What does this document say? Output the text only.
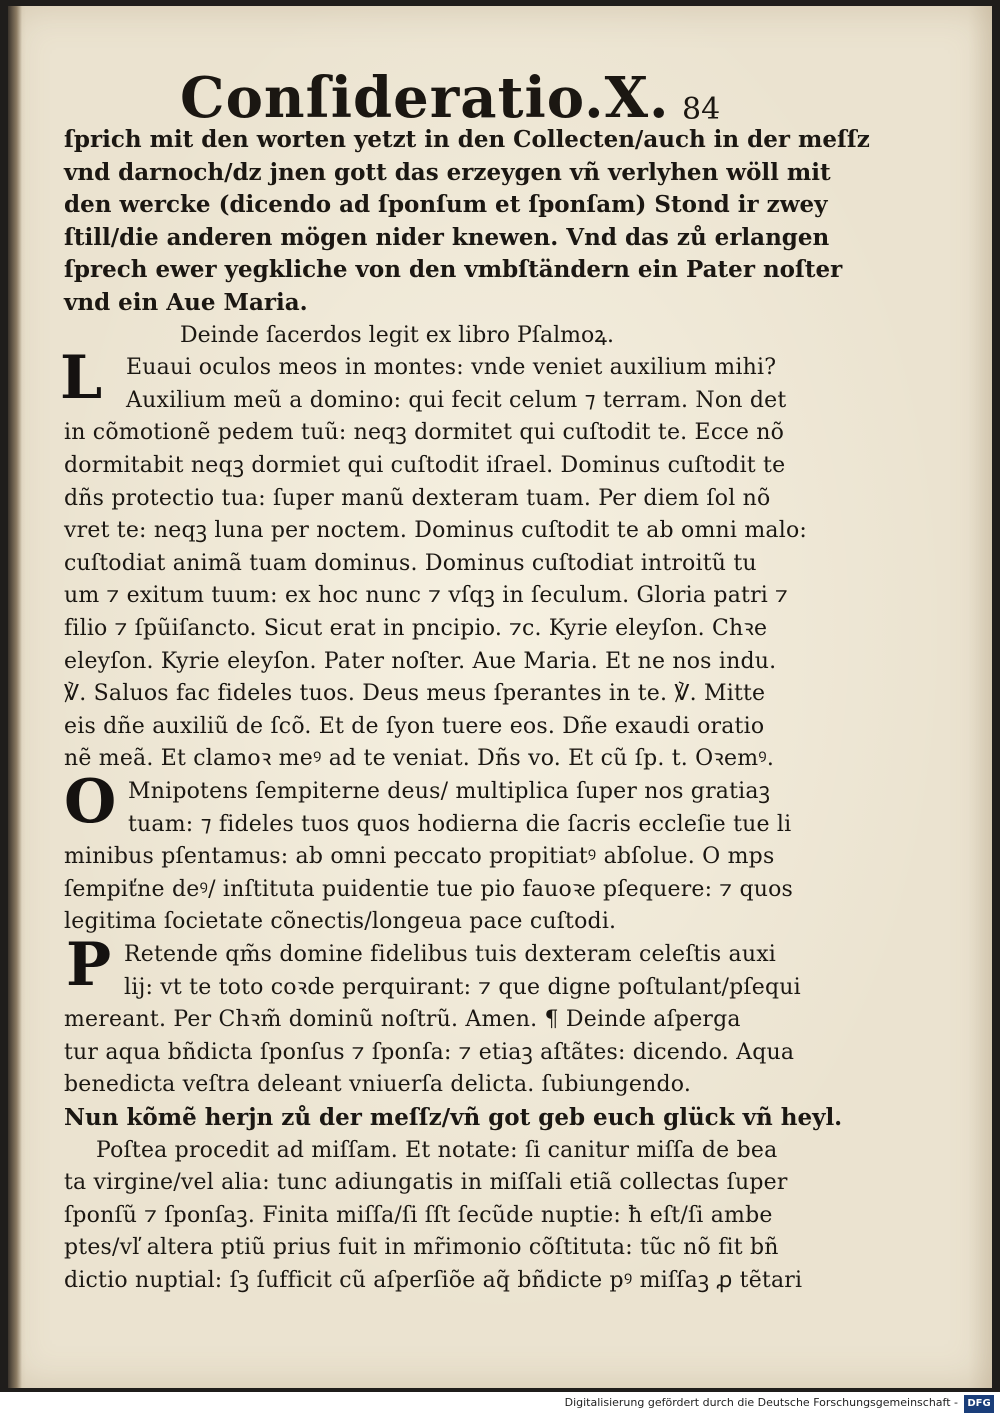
Conſideratio.X. 84
ſprich mit den worten yetzt in den Collecten/auch in der meſſz
vnd darnoch/dz jnen gott das erzeygen vñ verlyhen wöll mit
den wercke (dicendo ad ſponſum et ſponſam) Stond ir zwey
ſtill/die anderen mögen nider knewen. Vnd das zů erlangen
ſprech ewer yegkliche von den vmbſtändern ein Pater noſter
vnd ein Aue Maria.
Deinde ſacerdos legit ex libro Pſalmoꝝ.
L Euaui oculos meos in montes: vnde veniet auxilium mihi?
Auxilium meũ a domino: qui fecit celum ⁊ terram. Non det
in cõmotionẽ pedem tuũ: neqꝫ dormitet qui cuſtodit te. Ecce nõ
dormitabit neqꝫ dormiet qui cuſtodit iſrael. Dominus cuſtodit te
dñs protectio tua: ſuper manũ dexteram tuam. Per diem ſol nõ
vret te: neqꝫ luna per noctem. Dominus cuſtodit te ab omni malo:
cuſtodiat animã tuam dominus. Dominus cuſtodiat introitũ tu
um ⁊ exitum tuum: ex hoc nunc ⁊ vſqꝫ in ſeculum. Gloria patri ⁊
filio ⁊ ſpũiſancto. Sicut erat in pncipio. ⁊c. Kyrie eleyſon. Chꝛe
eleyſon. Kyrie eleyſon. Pater noſter. Aue Maria. Et ne nos indu.
℣. Saluos fac fideles tuos. Deus meus ſperantes in te. ℣. Mitte
eis dñe auxiliũ de ſcõ. Et de ſyon tuere eos. Dñe exaudi oratio
nẽ meã. Et clamoꝛ meꝰ ad te veniat. Dñs vo. Et cũ ſp. t. Oꝛemꝰ.
O Mnipotens ſempiterne deus/ multiplica ſuper nos gratiaꝫ
tuam: ⁊ fideles tuos quos hodierna die ſacris eccleſie tue li
minibus pſentamus: ab omni peccato propitiatꝰ abſolue. O mps
ſempiťne deꝰ/ inſtituta puidentie tue pio fauoꝛe pſequere: ⁊ quos
legitima ſocietate cõnectis/longeua pace cuſtodi.
P Retende qm̃s domine fidelibus tuis dexteram celeſtis auxi
lij: vt te toto coꝛde perquirant: ⁊ que digne poſtulant/pſequi
mereant. Per Chꝛm̃ dominũ noſtrũ. Amen. ¶ Deinde aſperga
tur aqua bñdicta ſponſus ⁊ ſponſa: ⁊ etiaꝫ aſtãtes: dicendo. Aqua
benedicta veſtra deleant vniuerſa delicta. ſubiungendo.
Nun kõmẽ herjn zů der meſſz/vñ got geb euch glück vñ heyl.
Poſtea procedit ad miſſam. Et notate: ſi canitur miſſa de bea
ta virgine/vel alia: tunc adiungatis in miſſali etiã collectas ſuper
ſponſũ ⁊ ſponſaꝫ. Finita miſſa/ſi ſſt ſecũde nuptie: ħ eſt/ſi ambe
ptes/vľ altera ptiũ prius fuit in mr̃imonio cõſtituta: tũc nõ fit bñ
dictio nuptial: ſꝫ ſufficit cũ aſperſiõe aq̃ bñdicte pꝰ miſſaꝫ ꝓ tẽtari
Digitalisierung gefördert durch die Deutsche Forschungsgemeinschaft - DFG
